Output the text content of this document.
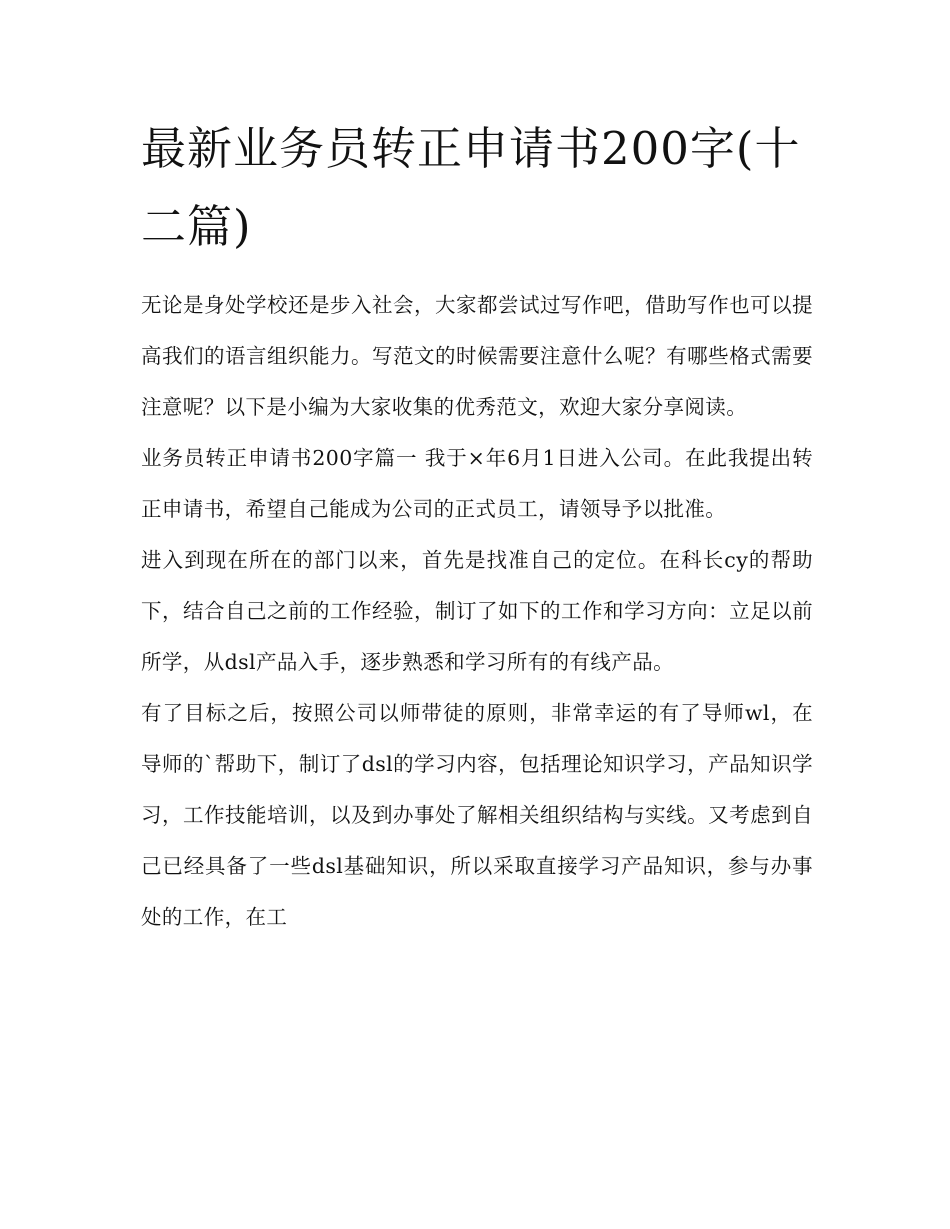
最新业务员转正申请书200字(十二篇)

无论是身处学校还是步入社会，大家都尝试过写作吧，借助写作也可以提高我们的语言组织能力。写范文的时候需要注意什么呢？有哪些格式需要注意呢？以下是小编为大家收集的优秀范文，欢迎大家分享阅读。

业务员转正申请书200字篇一 我于×年6月1日进入公司。在此我提出转正申请书，希望自己能成为公司的正式员工，请领导予以批准。

进入到现在所在的部门以来，首先是找准自己的定位。在科长cy的帮助下，结合自己之前的工作经验，制订了如下的工作和学习方向：立足以前所学，从dsl产品入手，逐步熟悉和学习所有的有线产品。

有了目标之后，按照公司以师带徒的原则，非常幸运的有了导师wl，在导师的`帮助下，制订了dsl的学习内容，包括理论知识学习，产品知识学习，工作技能培训，以及到办事处了解相关组织结构与实线。又考虑到自己已经具备了一些dsl基础知识，所以采取直接学习产品知识，参与办事处的工作，在工
